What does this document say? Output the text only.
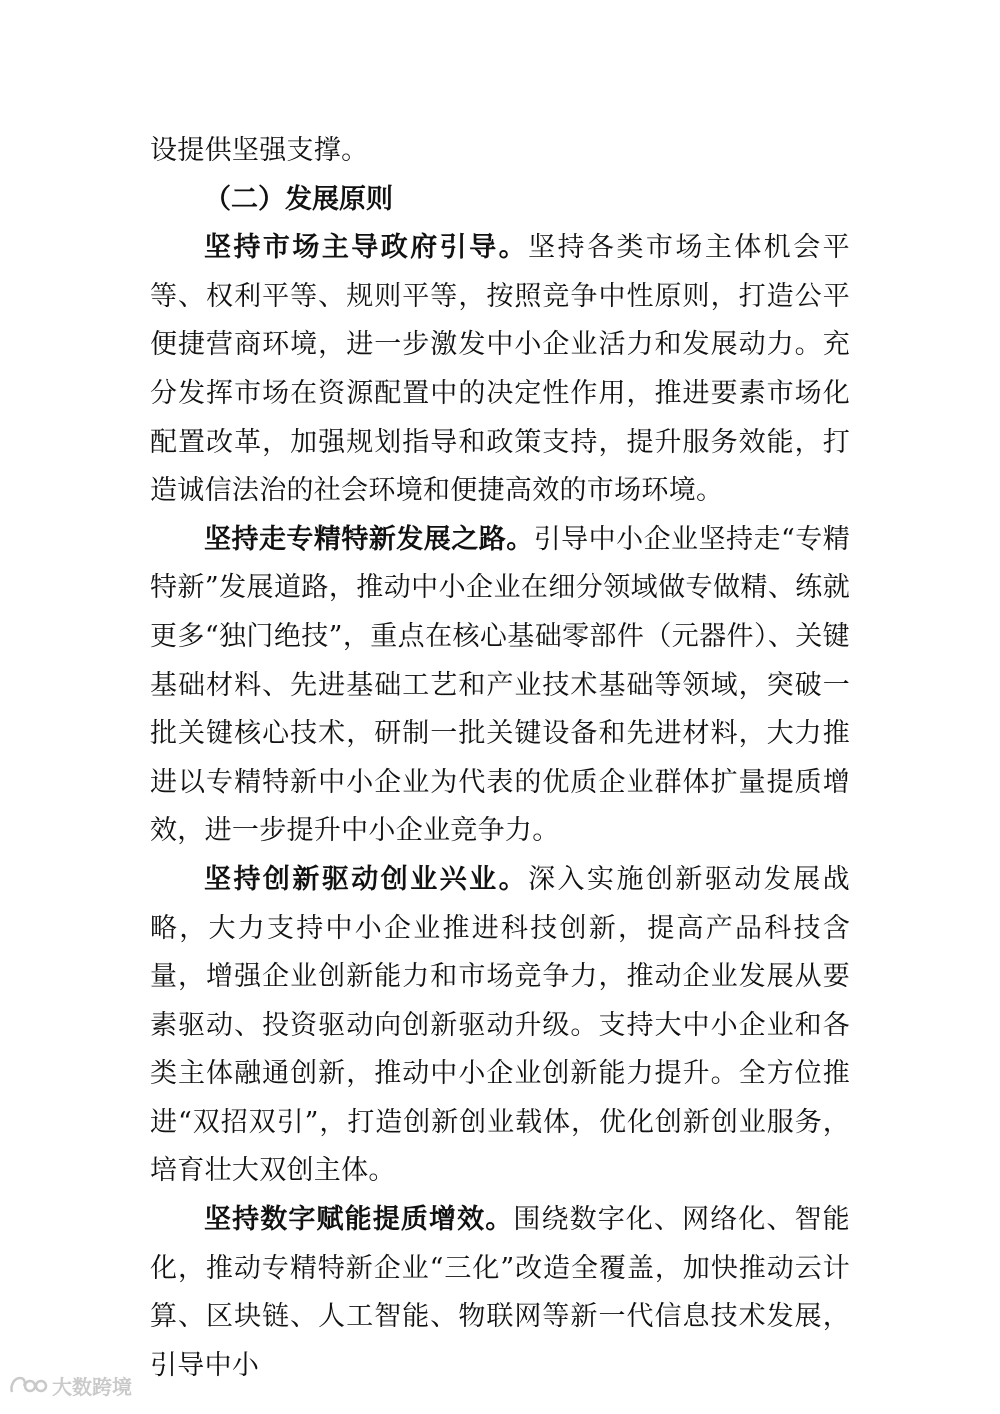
设提供坚强支撑。

（二）发展原则

坚持市场主导政府引导。坚持各类市场主体机会平等、权利平等、规则平等，按照竞争中性原则，打造公平便捷营商环境，进一步激发中小企业活力和发展动力。充分发挥市场在资源配置中的决定性作用，推进要素市场化配置改革，加强规划指导和政策支持，提升服务效能，打造诚信法治的社会环境和便捷高效的市场环境。

坚持走专精特新发展之路。引导中小企业坚持走“专精特新”发展道路，推动中小企业在细分领域做专做精、练就更多“独门绝技”，重点在核心基础零部件（元器件）、关键基础材料、先进基础工艺和产业技术基础等领域，突破一批关键核心技术，研制一批关键设备和先进材料，大力推进以专精特新中小企业为代表的优质企业群体扩量提质增效，进一步提升中小企业竞争力。

坚持创新驱动创业兴业。深入实施创新驱动发展战略，大力支持中小企业推进科技创新，提高产品科技含量，增强企业创新能力和市场竞争力，推动企业发展从要素驱动、投资驱动向创新驱动升级。支持大中小企业和各类主体融通创新，推动中小企业创新能力提升。全方位推进“双招双引”，打造创新创业载体，优化创新创业服务，培育壮大双创主体。

坚持数字赋能提质增效。围绕数字化、网络化、智能化，推动专精特新企业“三化”改造全覆盖，加快推动云计算、区块链、人工智能、物联网等新一代信息技术发展，引导中小

大数跨境
